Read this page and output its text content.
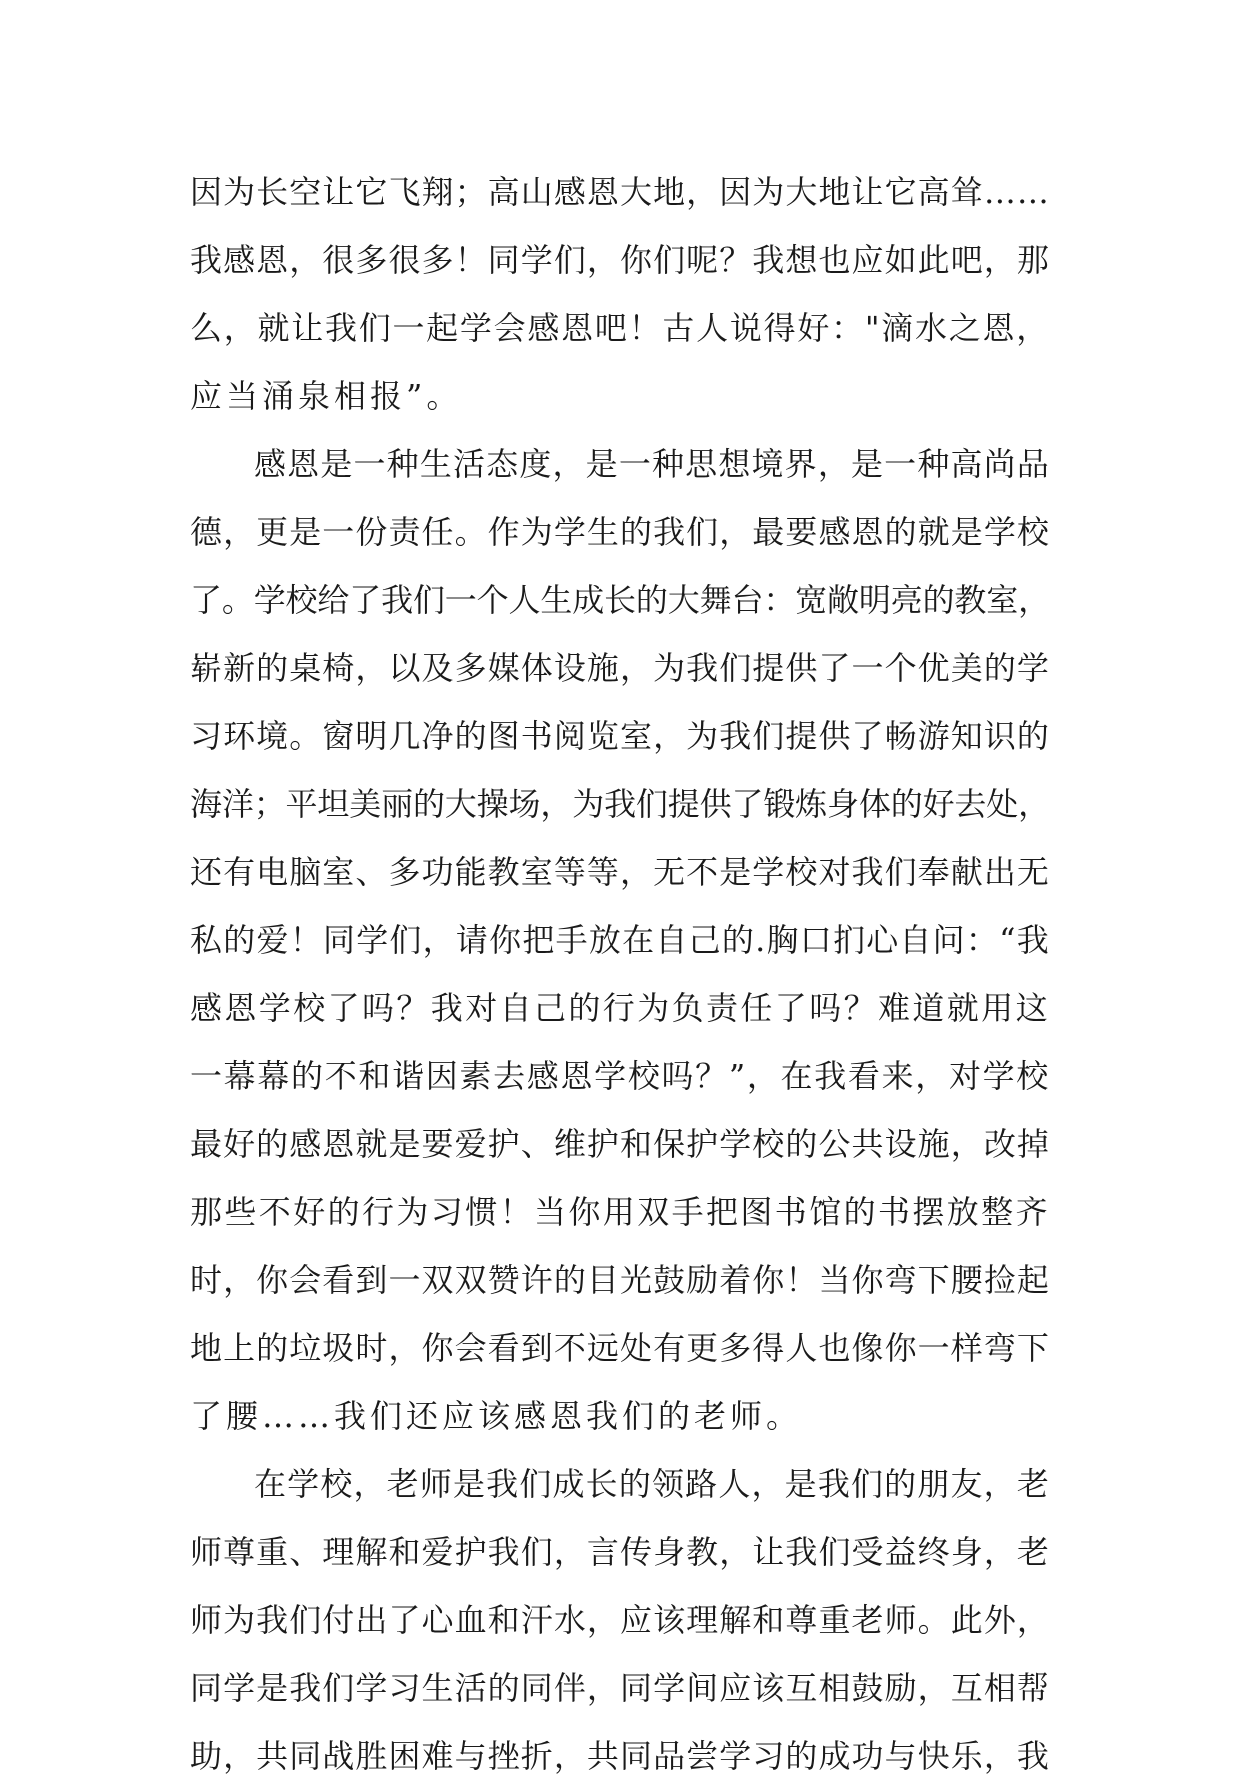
因为长空让它飞翔；高山感恩大地，因为大地让它高耸……
我感恩，很多很多！同学们，你们呢？我想也应如此吧，那
么，就让我们一起学会感恩吧！古人说得好："滴水之恩，
应当涌泉相报”。
感恩是一种生活态度，是一种思想境界，是一种高尚品
德，更是一份责任。作为学生的我们，最要感恩的就是学校
了。学校给了我们一个人生成长的大舞台：宽敞明亮的教室，
崭新的桌椅，以及多媒体设施，为我们提供了一个优美的学
习环境。窗明几净的图书阅览室，为我们提供了畅游知识的
海洋；平坦美丽的大操场，为我们提供了锻炼身体的好去处，
还有电脑室、多功能教室等等，无不是学校对我们奉献出无
私的爱！同学们，请你把手放在自己的.胸口扪心自问：“我
感恩学校了吗？我对自己的行为负责任了吗？难道就用这
一幕幕的不和谐因素去感恩学校吗？”，在我看来，对学校
最好的感恩就是要爱护、维护和保护学校的公共设施，改掉
那些不好的行为习惯！当你用双手把图书馆的书摆放整齐
时，你会看到一双双赞许的目光鼓励着你！当你弯下腰捡起
地上的垃圾时，你会看到不远处有更多得人也像你一样弯下
了腰……我们还应该感恩我们的老师。
在学校，老师是我们成长的领路人，是我们的朋友，老
师尊重、理解和爱护我们，言传身教，让我们受益终身，老
师为我们付出了心血和汗水，应该理解和尊重老师。此外，
同学是我们学习生活的同伴，同学间应该互相鼓励，互相帮
助，共同战胜困难与挫折，共同品尝学习的成功与快乐，我
